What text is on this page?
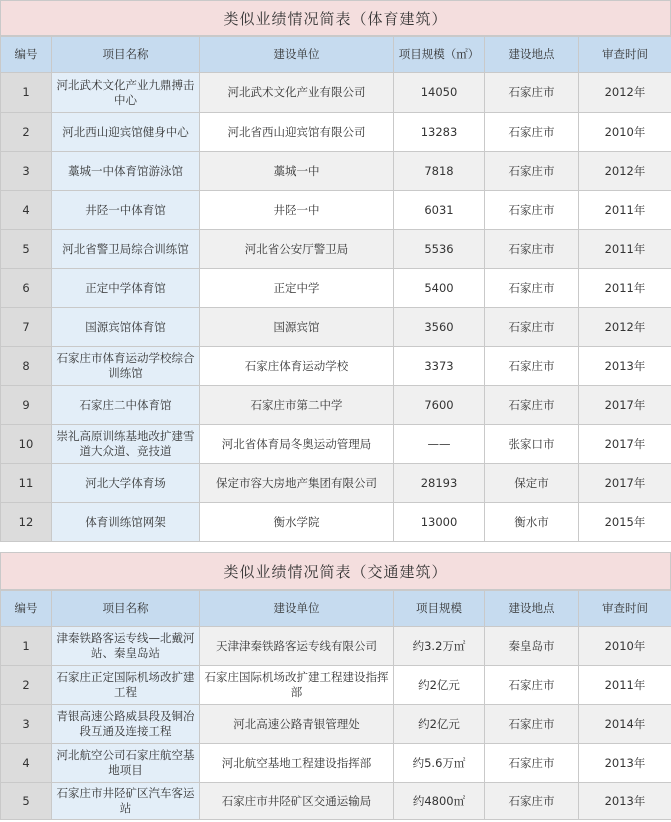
类似业绩情况简表（体育建筑）
编号	项目名称	建设单位	项目规模（㎡）	建设地点	审查时间
1	河北武术文化产业九鼎搏击中心	河北武术文化产业有限公司	14050	石家庄市	2012年
2	河北西山迎宾馆健身中心	河北省西山迎宾馆有限公司	13283	石家庄市	2010年
3	藁城一中体育馆游泳馆	藁城一中	7818	石家庄市	2012年
4	井陉一中体育馆	井陉一中	6031	石家庄市	2011年
5	河北省警卫局综合训练馆	河北省公安厅警卫局	5536	石家庄市	2011年
6	正定中学体育馆	正定中学	5400	石家庄市	2011年
7	国源宾馆体育馆	国源宾馆	3560	石家庄市	2012年
8	石家庄市体育运动学校综合训练馆	石家庄体育运动学校	3373	石家庄市	2013年
9	石家庄二中体育馆	石家庄市第二中学	7600	石家庄市	2017年
10	崇礼高原训练基地改扩建雪道大众道、竞技道	河北省体育局冬奥运动管理局	——	张家口市	2017年
11	河北大学体育场	保定市容大房地产集团有限公司	28193	保定市	2017年
12	体育训练馆网架	衡水学院	13000	衡水市	2015年
类似业绩情况简表（交通建筑）
编号	项目名称	建设单位	项目规模	建设地点	审查时间
1	津秦铁路客运专线—北戴河站、秦皇岛站	天津津秦铁路客运专线有限公司	约3.2万㎡	秦皇岛市	2010年
2	石家庄正定国际机场改扩建工程	石家庄国际机场改扩建工程建设指挥部	约2亿元	石家庄市	2011年
3	青银高速公路威县段及铜冶段互通及连接工程	河北高速公路青银管理处	约2亿元	石家庄市	2014年
4	河北航空公司石家庄航空基地项目	河北航空基地工程建设指挥部	约5.6万㎡	石家庄市	2013年
5	石家庄市井陉矿区汽车客运站	石家庄市井陉矿区交通运输局	约4800㎡	石家庄市	2013年
